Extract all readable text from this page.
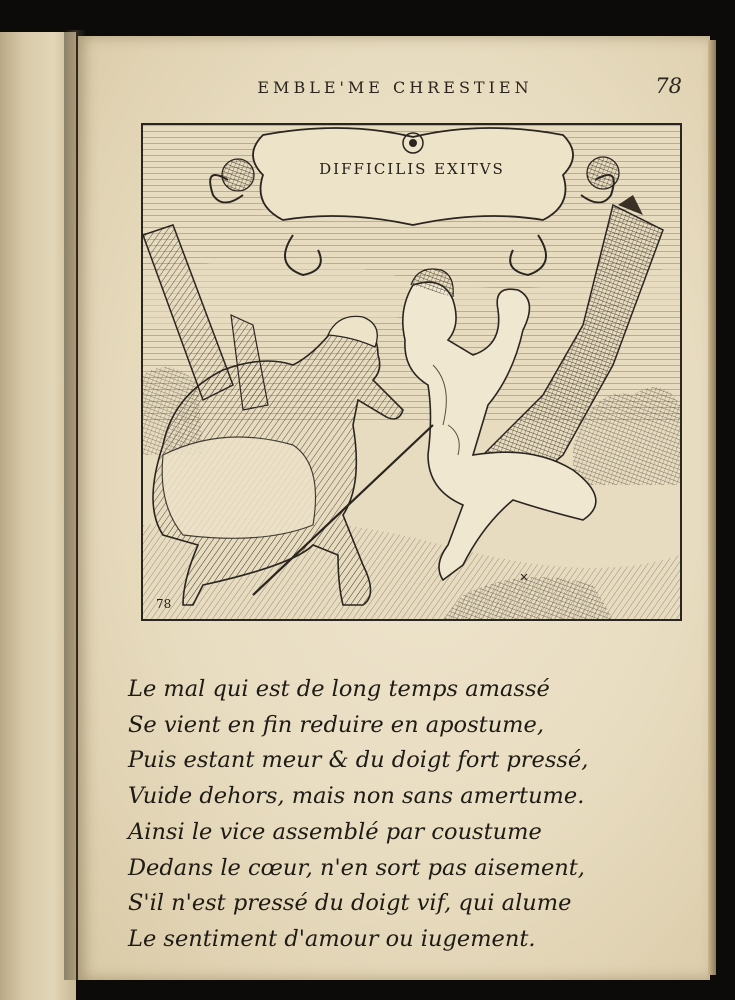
EMBLE'ME CHRESTIEN	78
DIFFICILIS EXITVS
78
Le mal qui est de long temps amassé
Se vient en fin reduire en apostume,
Puis estant meur & du doigt fort pressé,
Vuide dehors, mais non sans amertume.
Ainsi le vice assemblé par coustume
Dedans le cœur, n'en sort pas aisement,
S'il n'est pressé du doigt vif, qui alume
Le sentiment d'amour ou iugement.
